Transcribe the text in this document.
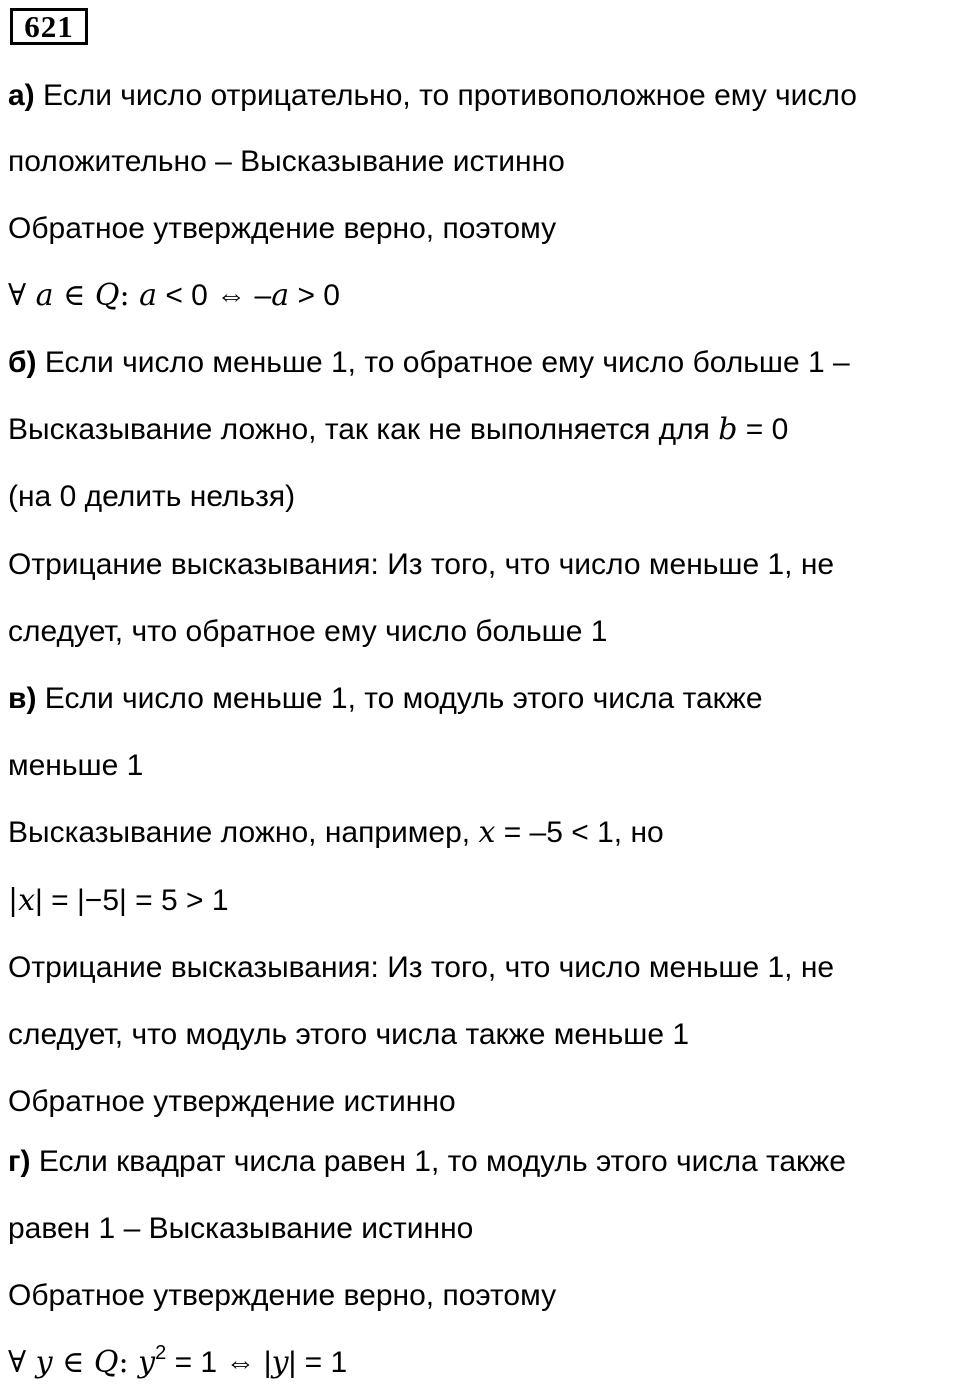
621
а) Если число отрицательно, то противоположное ему число
положительно – Высказывание истинно
Обратное утверждение верно, поэтому
∀ a ∈ Q: a < 0 ⇔ –a > 0
б) Если число меньше 1, то обратное ему число больше 1 –
Высказывание ложно, так как не выполняется для b = 0
(на 0 делить нельзя)
Отрицание высказывания: Из того, что число меньше 1, не
следует, что обратное ему число больше 1
в) Если число меньше 1, то модуль этого числа также
меньше 1
Высказывание ложно, например, x = –5 < 1, но
|x| = |−5| = 5 > 1
Отрицание высказывания: Из того, что число меньше 1, не
следует, что модуль этого числа также меньше 1
Обратное утверждение истинно
г) Если квадрат числа равен 1, то модуль этого числа также
равен 1 – Высказывание истинно
Обратное утверждение верно, поэтому
∀ y ∈ Q: $y^2 = 1$ ⇔ |y| = 1
